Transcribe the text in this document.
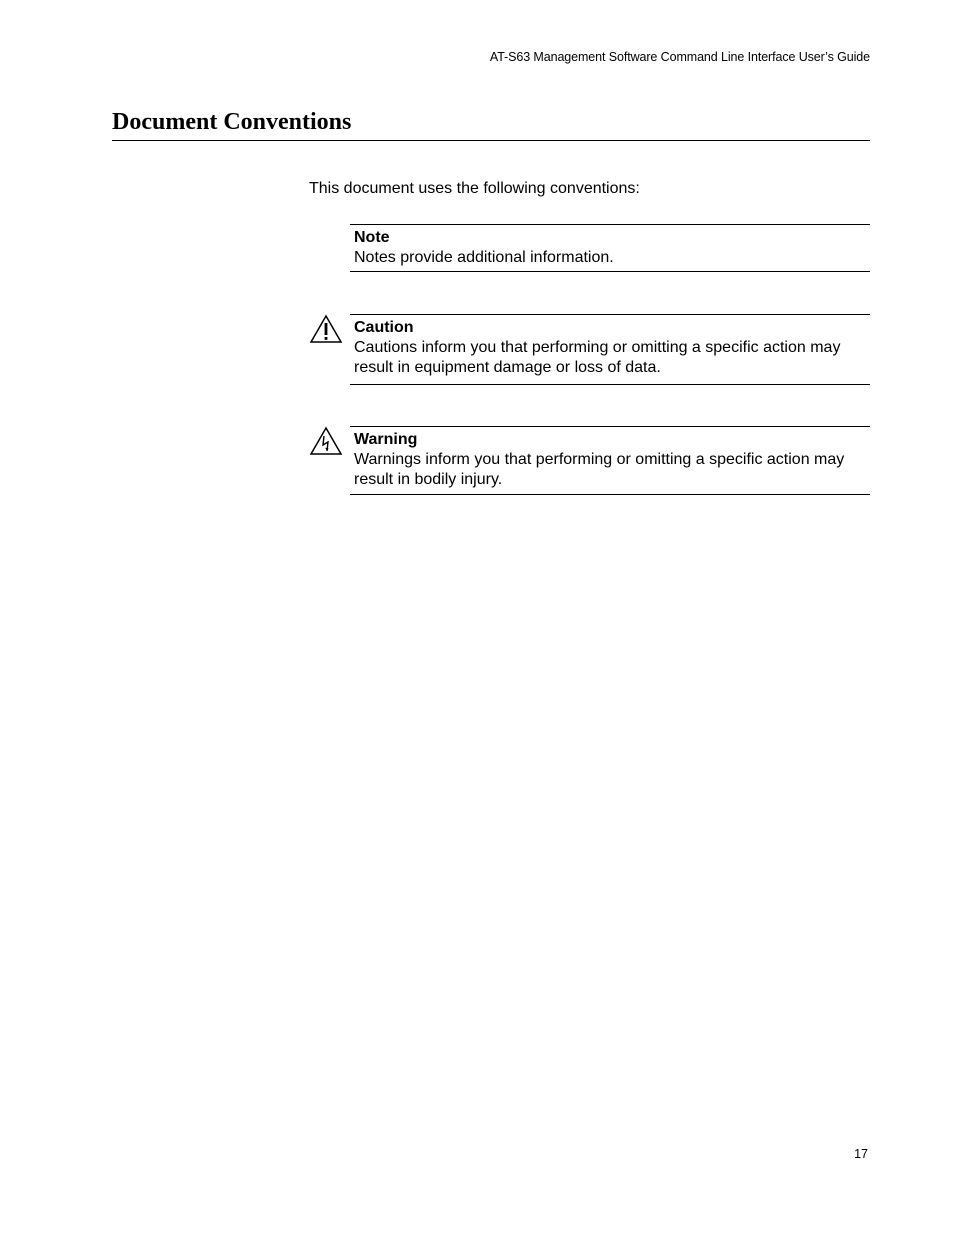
AT-S63 Management Software Command Line Interface User’s Guide
Document Conventions
This document uses the following conventions:
Note
Notes provide additional information.
Caution
Cautions inform you that performing or omitting a specific action may result in equipment damage or loss of data.
Warning
Warnings inform you that performing or omitting a specific action may result in bodily injury.
17
